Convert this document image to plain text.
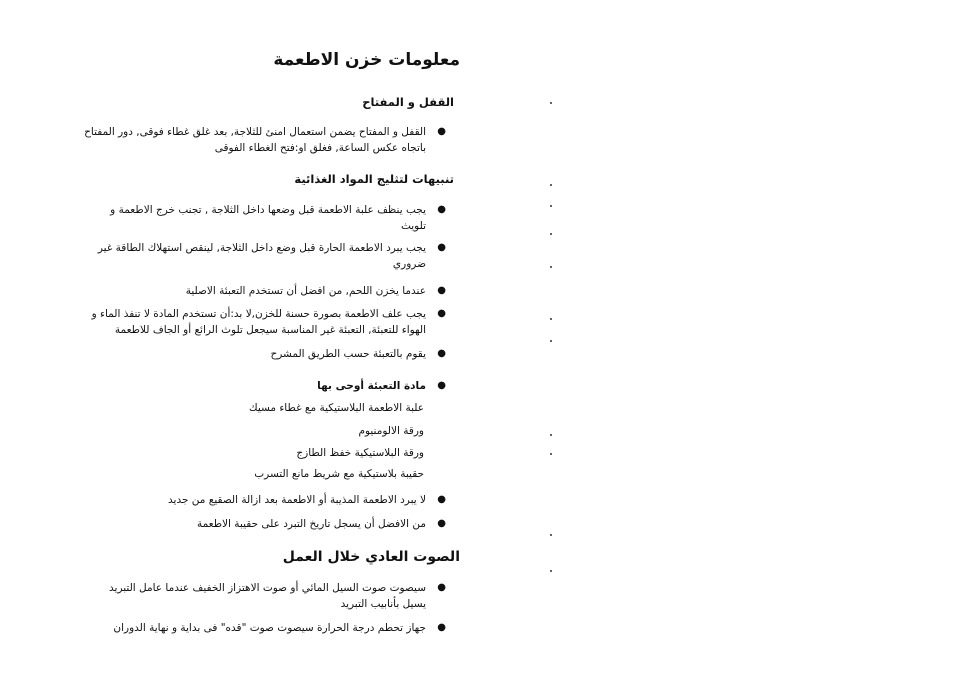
معلومات خزن الاطعمة
القفل و المفتاح
●
القفل و المفتاح يضمن استعمال امنئ للثلاجة, بعد غلق غطاء فوقى, دور المفتاح باتجاه عكس الساعة, فغلق او:فتح الغطاء الفوقى
تنبيهات لتثليج المواد الغذائية
●
يجب ينظف علبة الاطعمة قبل وضعها داخل الثلاجة , تجنب خرج الاطعمة و تلويث
●
يجب يبرد الاطعمة الحارة قبل وضع داخل الثلاجة, لينقص استهلاك الطاقة غير ضروري
●
عندما يخزن اللحم, من افضل أن تستخدم التعبئة الاصلية
●
يجب علف الاطعمة بصورة حسنة للخزن,لا بد:أن تستخدم المادة لا تنفذ الماء و الهواء للتعبئة, التعبئة غير المناسبة سيجعل تلوث الرائع أو الجاف للاطعمة
●
يقوم بالتعبئة حسب الطريق المشرح
●
مادة التعبئة أوحى بها
علبة الاطعمة البلاستيكية مع غطاء مسيك
ورقة الالومنيوم
ورقة البلاستيكية خفظ الطازج
حقيبة بلاستيكية مع شريط مانع التسرب
●
لا يبرد الاطعمة المذيبة أو الاطعمة بعد ازالة الصقيع من جديد
●
من الافضل أن يسجل تاريخ التبرد على حقيبة الاطعمة
الصوت العادي خلال العمل
●
سيصوت صوت السيل المائي أو صوت الاهتزاز الخفيف عندما عامل التبريد يسيل بأنابيب التبريد
●
جهاز تحطم درجة الحرارة سيصوت صوت "قده" فى بداية و نهاية الدوران
